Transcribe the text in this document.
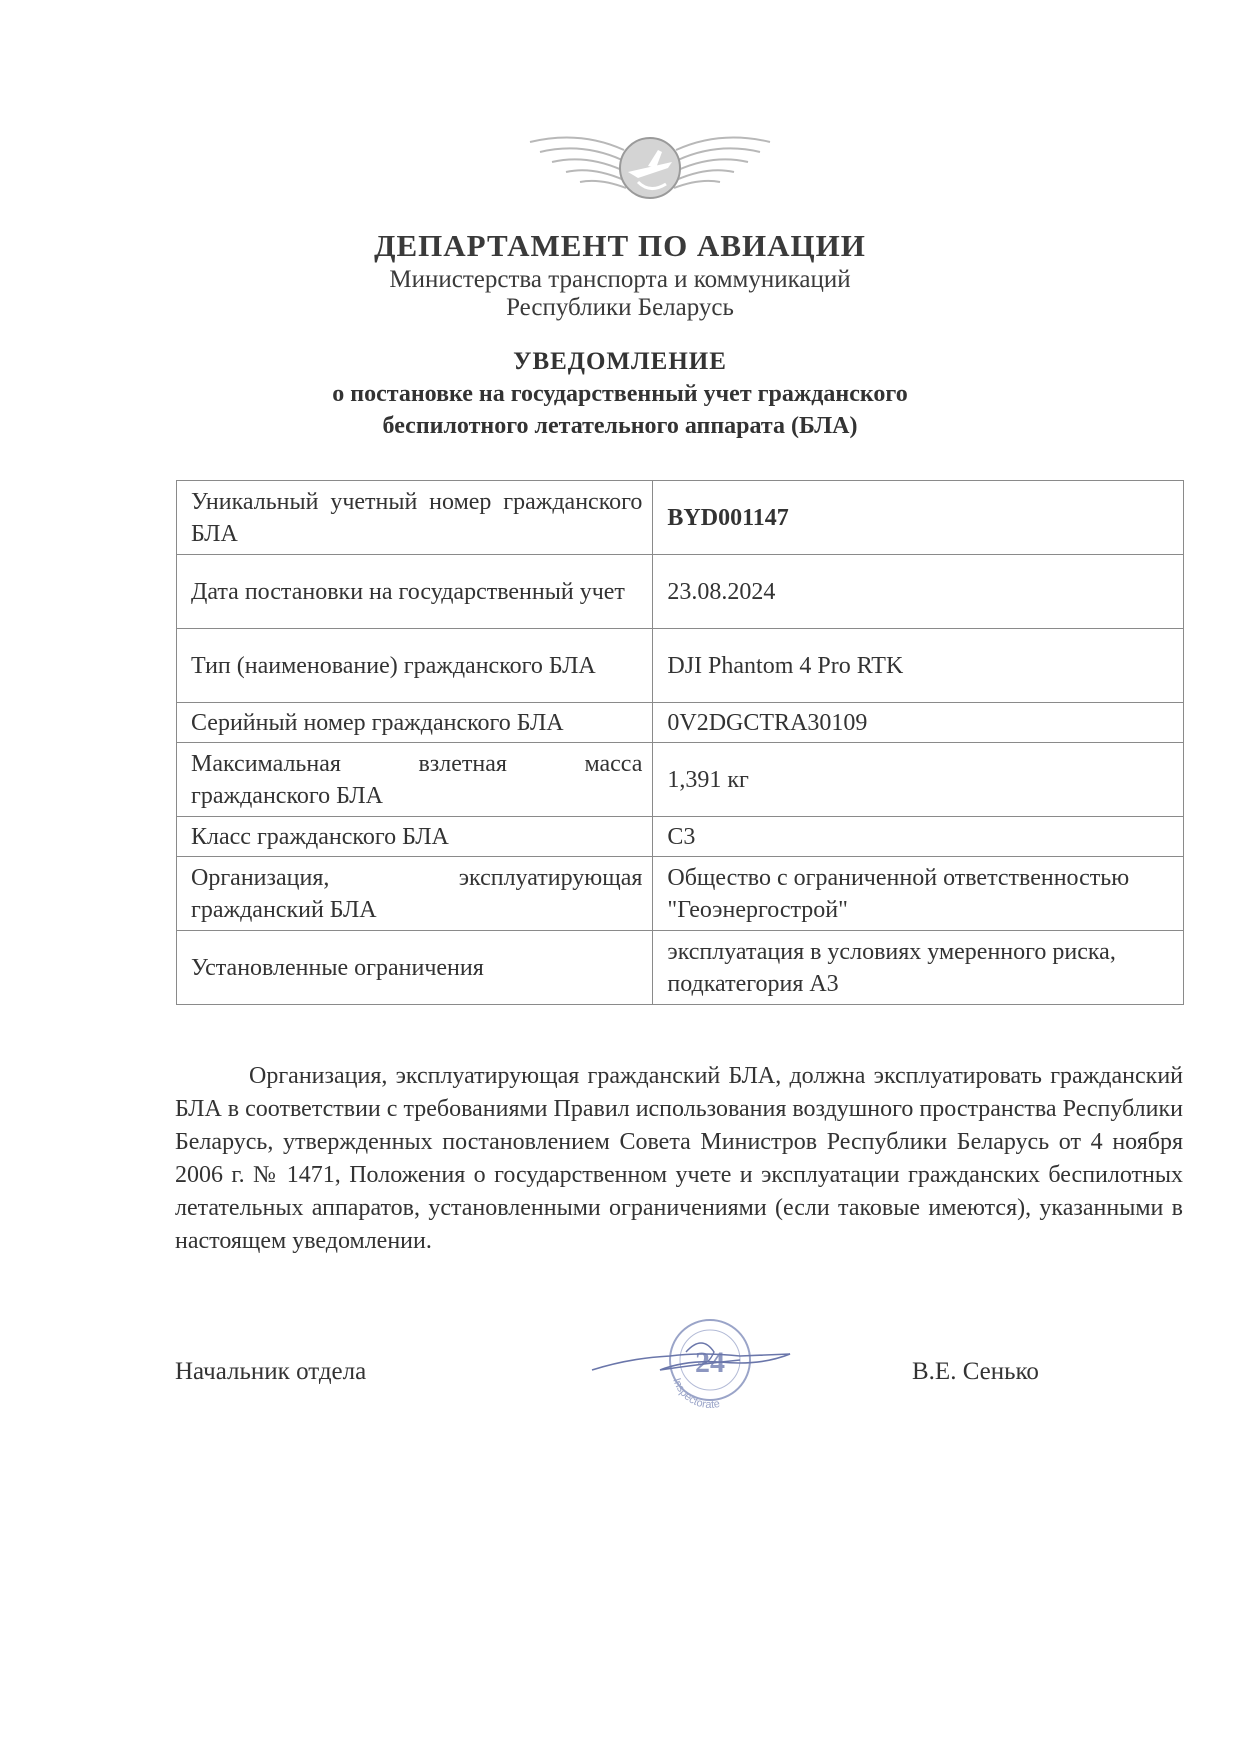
ДЕПАРТАМЕНТ ПО АВИАЦИИ
Министерства транспорта и коммуникаций
Республики Беларусь
УВЕДОМЛЕНИЕ
о постановке на государственный учет гражданского
беспилотного летательного аппарата (БЛА)
Уникальный учетный номер гражданского БЛА	BYD001147
Дата постановки на государственный учет	23.08.2024
Тип (наименование) гражданского БЛА	DJI Phantom 4 Pro RTK
Серийный номер гражданского БЛА	0V2DGCTRA30109
Максимальная взлетная масса гражданского БЛА	1,391 кг
Класс гражданского БЛА	C3
Организация, эксплуатирующая гражданский БЛА	Общество с ограниченной ответственностью "Геоэнергострой"
Установленные ограничения	эксплуатация в условиях умеренного риска, подкатегория A3
Организация, эксплуатирующая гражданский БЛА, должна эксплуатировать гражданский БЛА в соответствии с требованиями Правил использования воздушного пространства Республики Беларусь, утвержденных постановлением Совета Министров Республики Беларусь от 4 ноября 2006 г. № 1471, Положения о государственном учете и эксплуатации гражданских беспилотных летательных аппаратов, установленными ограничениями (если таковые имеются), указанными в настоящем уведомлении.
Начальник отдела	24
Inspectorate
В.Е. Сенько
